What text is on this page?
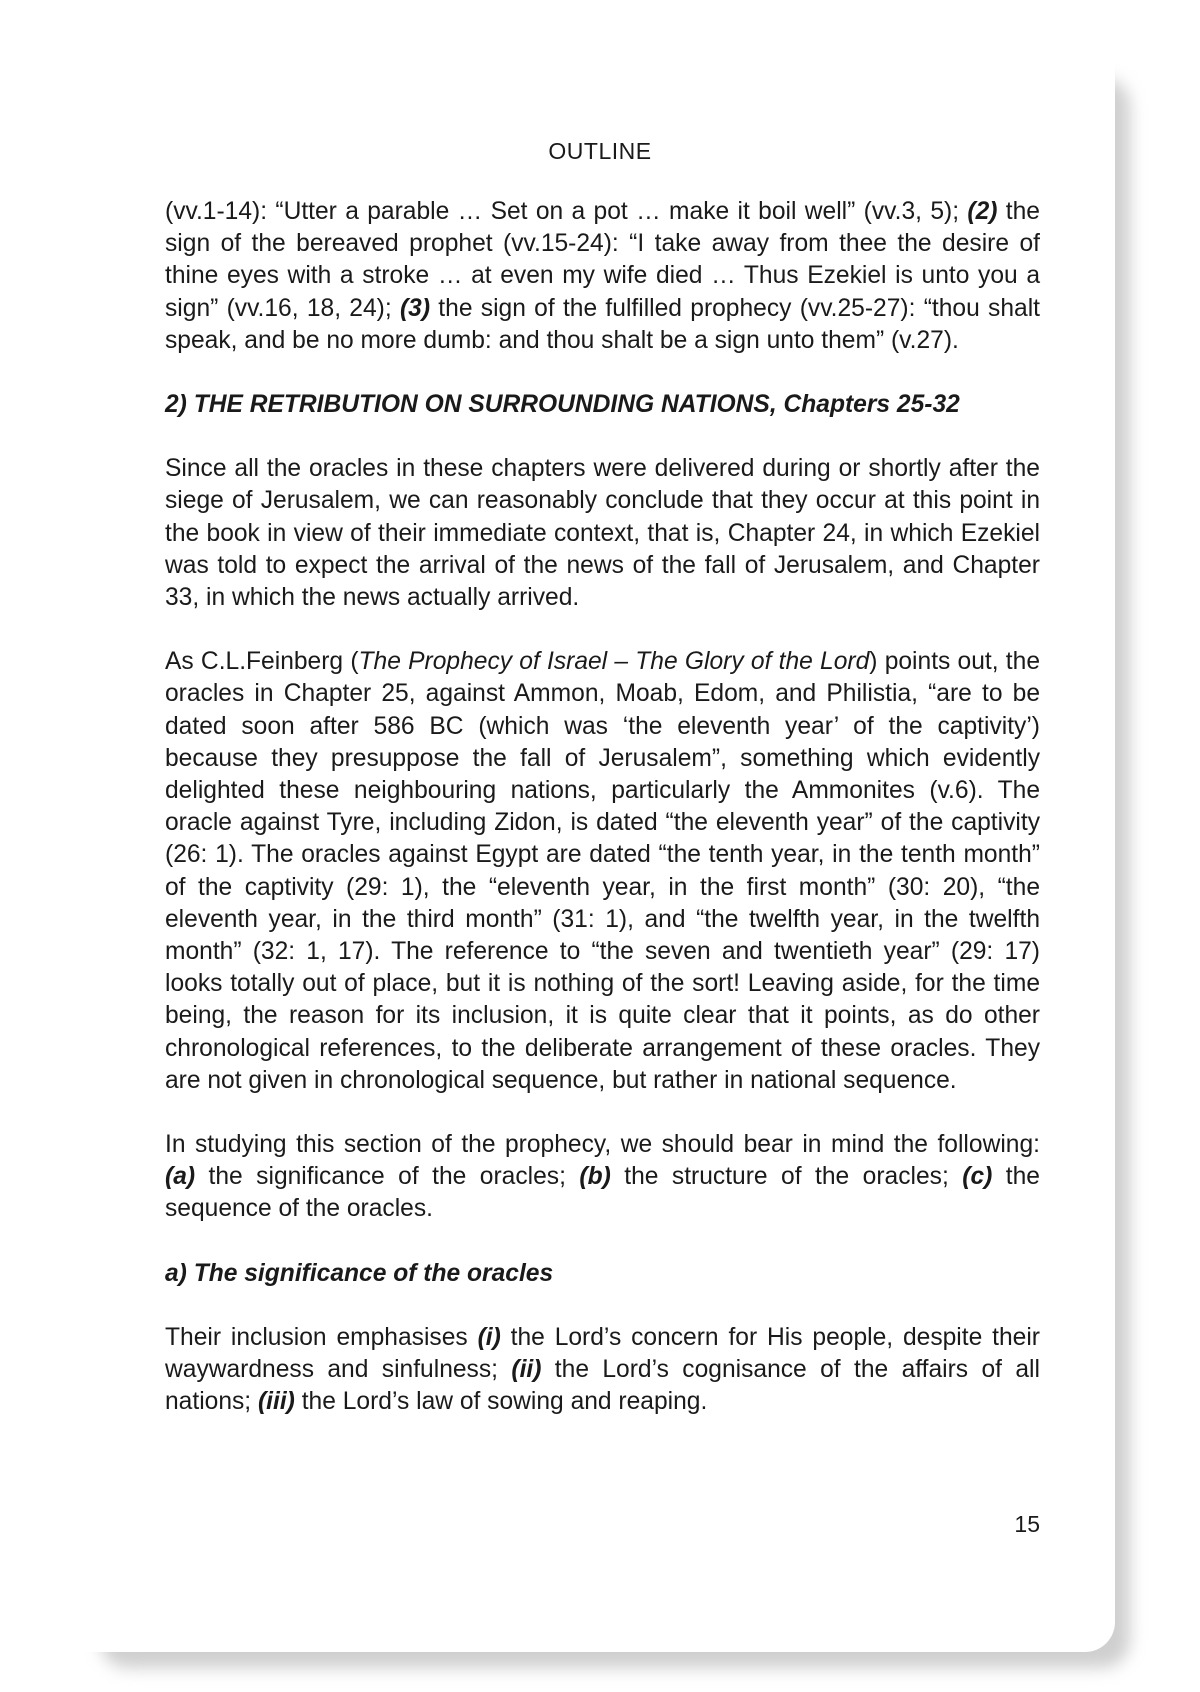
OUTLINE

(vv.1-14): “Utter a parable … Set on a pot … make it boil well” (vv.3, 5); (2) the sign of the bereaved prophet (vv.15-24): “I take away from thee the desire of thine eyes with a stroke … at even my wife died … Thus Ezekiel is unto you a sign” (vv.16, 18, 24); (3) the sign of the fulfilled prophecy (vv.25-27): “thou shalt speak, and be no more dumb: and thou shalt be a sign unto them” (v.27).

2) THE RETRIBUTION ON SURROUNDING NATIONS, Chapters 25-32

Since all the oracles in these chapters were delivered during or shortly after the siege of Jerusalem, we can reasonably conclude that they occur at this point in the book in view of their immediate context, that is, Chapter 24, in which Ezekiel was told to expect the arrival of the news of the fall of Jerusalem, and Chapter 33, in which the news actually arrived.

As C.L.Feinberg (The Prophecy of Israel – The Glory of the Lord) points out, the oracles in Chapter 25, against Ammon, Moab, Edom, and Philistia, “are to be dated soon after 586 BC (which was ‘the eleventh year’ of the captivity’) because they presuppose the fall of Jerusalem”, something which evidently delighted these neighbouring nations, particularly the Ammonites (v.6). The oracle against Tyre, including Zidon, is dated “the eleventh year” of the captivity (26: 1). The oracles against Egypt are dated “the tenth year, in the tenth month” of the captivity (29: 1), the “eleventh year, in the first month” (30: 20), “the eleventh year, in the third month” (31: 1), and “the twelfth year, in the twelfth month” (32: 1, 17). The reference to “the seven and twentieth year” (29: 17) looks totally out of place, but it is nothing of the sort! Leaving aside, for the time being, the reason for its inclusion, it is quite clear that it points, as do other chronological references, to the deliberate arrangement of these oracles. They are not given in chronological sequence, but rather in national sequence.

In studying this section of the prophecy, we should bear in mind the following: (a) the significance of the oracles; (b) the structure of the oracles; (c) the sequence of the oracles.

a) The significance of the oracles

Their inclusion emphasises (i) the Lord’s concern for His people, despite their waywardness and sinfulness; (ii) the Lord’s cognisance of the affairs of all nations; (iii) the Lord’s law of sowing and reaping.

15
